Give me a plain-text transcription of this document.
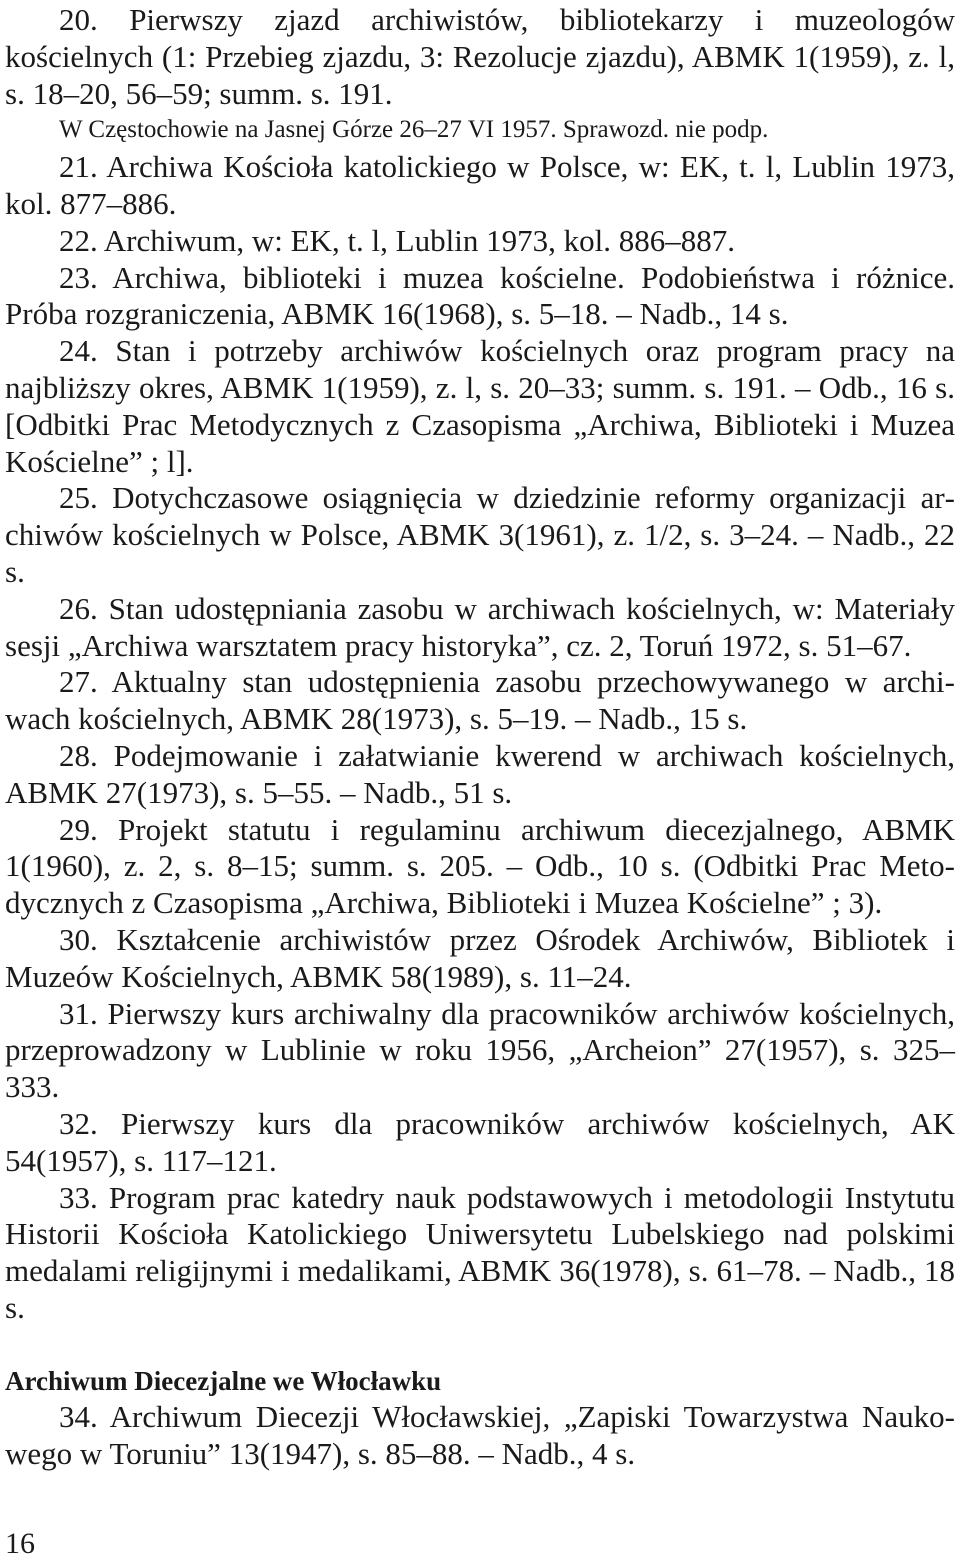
20. Pierwszy zjazd archiwistów, bibliotekarzy i muzeologów kościelnych (1: Przebieg zjazdu, 3: Rezolucje zjazdu), ABMK 1(1959), z. l, s. 18–20, 56–59; summ. s. 191.

W Częstochowie na Jasnej Górze 26–27 VI 1957. Sprawozd. nie podp.

21. Archiwa Kościoła katolickiego w Polsce, w: EK, t. l, Lublin 1973, kol. 877–886.

22. Archiwum, w: EK, t. l, Lublin 1973, kol. 886–887.

23. Archiwa, biblioteki i muzea kościelne. Podobieństwa i różnice. Próba rozgraniczenia, ABMK 16(1968), s. 5–18. – Nadb., 14 s.

24. Stan i potrzeby archiwów kościelnych oraz program pracy na najbliższy okres, ABMK 1(1959), z. l, s. 20–33; summ. s. 191. – Odb., 16 s. [Odbitki Prac Metodycznych z Czasopisma „Archiwa, Biblioteki i Muzea Kościelne” ; l].

25. Dotychczasowe osiągnięcia w dziedzinie reformy organizacji archiwów kościelnych w Polsce, ABMK 3(1961), z. 1/2, s. 3–24. – Nadb., 22 s.

26. Stan udostępniania zasobu w archiwach kościelnych, w: Materiały sesji „Archiwa warsztatem pracy historyka”, cz. 2, Toruń 1972, s. 51–67.

27. Aktualny stan udostępnienia zasobu przechowywanego w archiwach kościelnych, ABMK 28(1973), s. 5–19. – Nadb., 15 s.

28. Podejmowanie i załatwianie kwerend w archiwach kościelnych, ABMK 27(1973), s. 5–55. – Nadb., 51 s.

29. Projekt statutu i regulaminu archiwum diecezjalnego, ABMK 1(1960), z. 2, s. 8–15; summ. s. 205. – Odb., 10 s. (Odbitki Prac Metodycznych z Czasopisma „Archiwa, Biblioteki i Muzea Kościelne” ; 3).

30. Kształcenie archiwistów przez Ośrodek Archiwów, Bibliotek i Muzeów Kościelnych, ABMK 58(1989), s. 11–24.

31. Pierwszy kurs archiwalny dla pracowników archiwów kościelnych, przeprowadzony w Lublinie w roku 1956, „Archeion” 27(1957), s. 325–333.

32. Pierwszy kurs dla pracowników archiwów kościelnych, AK 54(1957), s. 117–121.

33. Program prac katedry nauk podstawowych i metodologii Instytutu Historii Kościoła Katolickiego Uniwersytetu Lubelskiego nad polskimi medalami religijnymi i medalikami, ABMK 36(1978), s. 61–78. – Nadb., 18 s.

Archiwum Diecezjalne we Włocławku

34. Archiwum Diecezji Włocławskiej, „Zapiski Towarzystwa Naukowego w Toruniu” 13(1947), s. 85–88. – Nadb., 4 s.

16
